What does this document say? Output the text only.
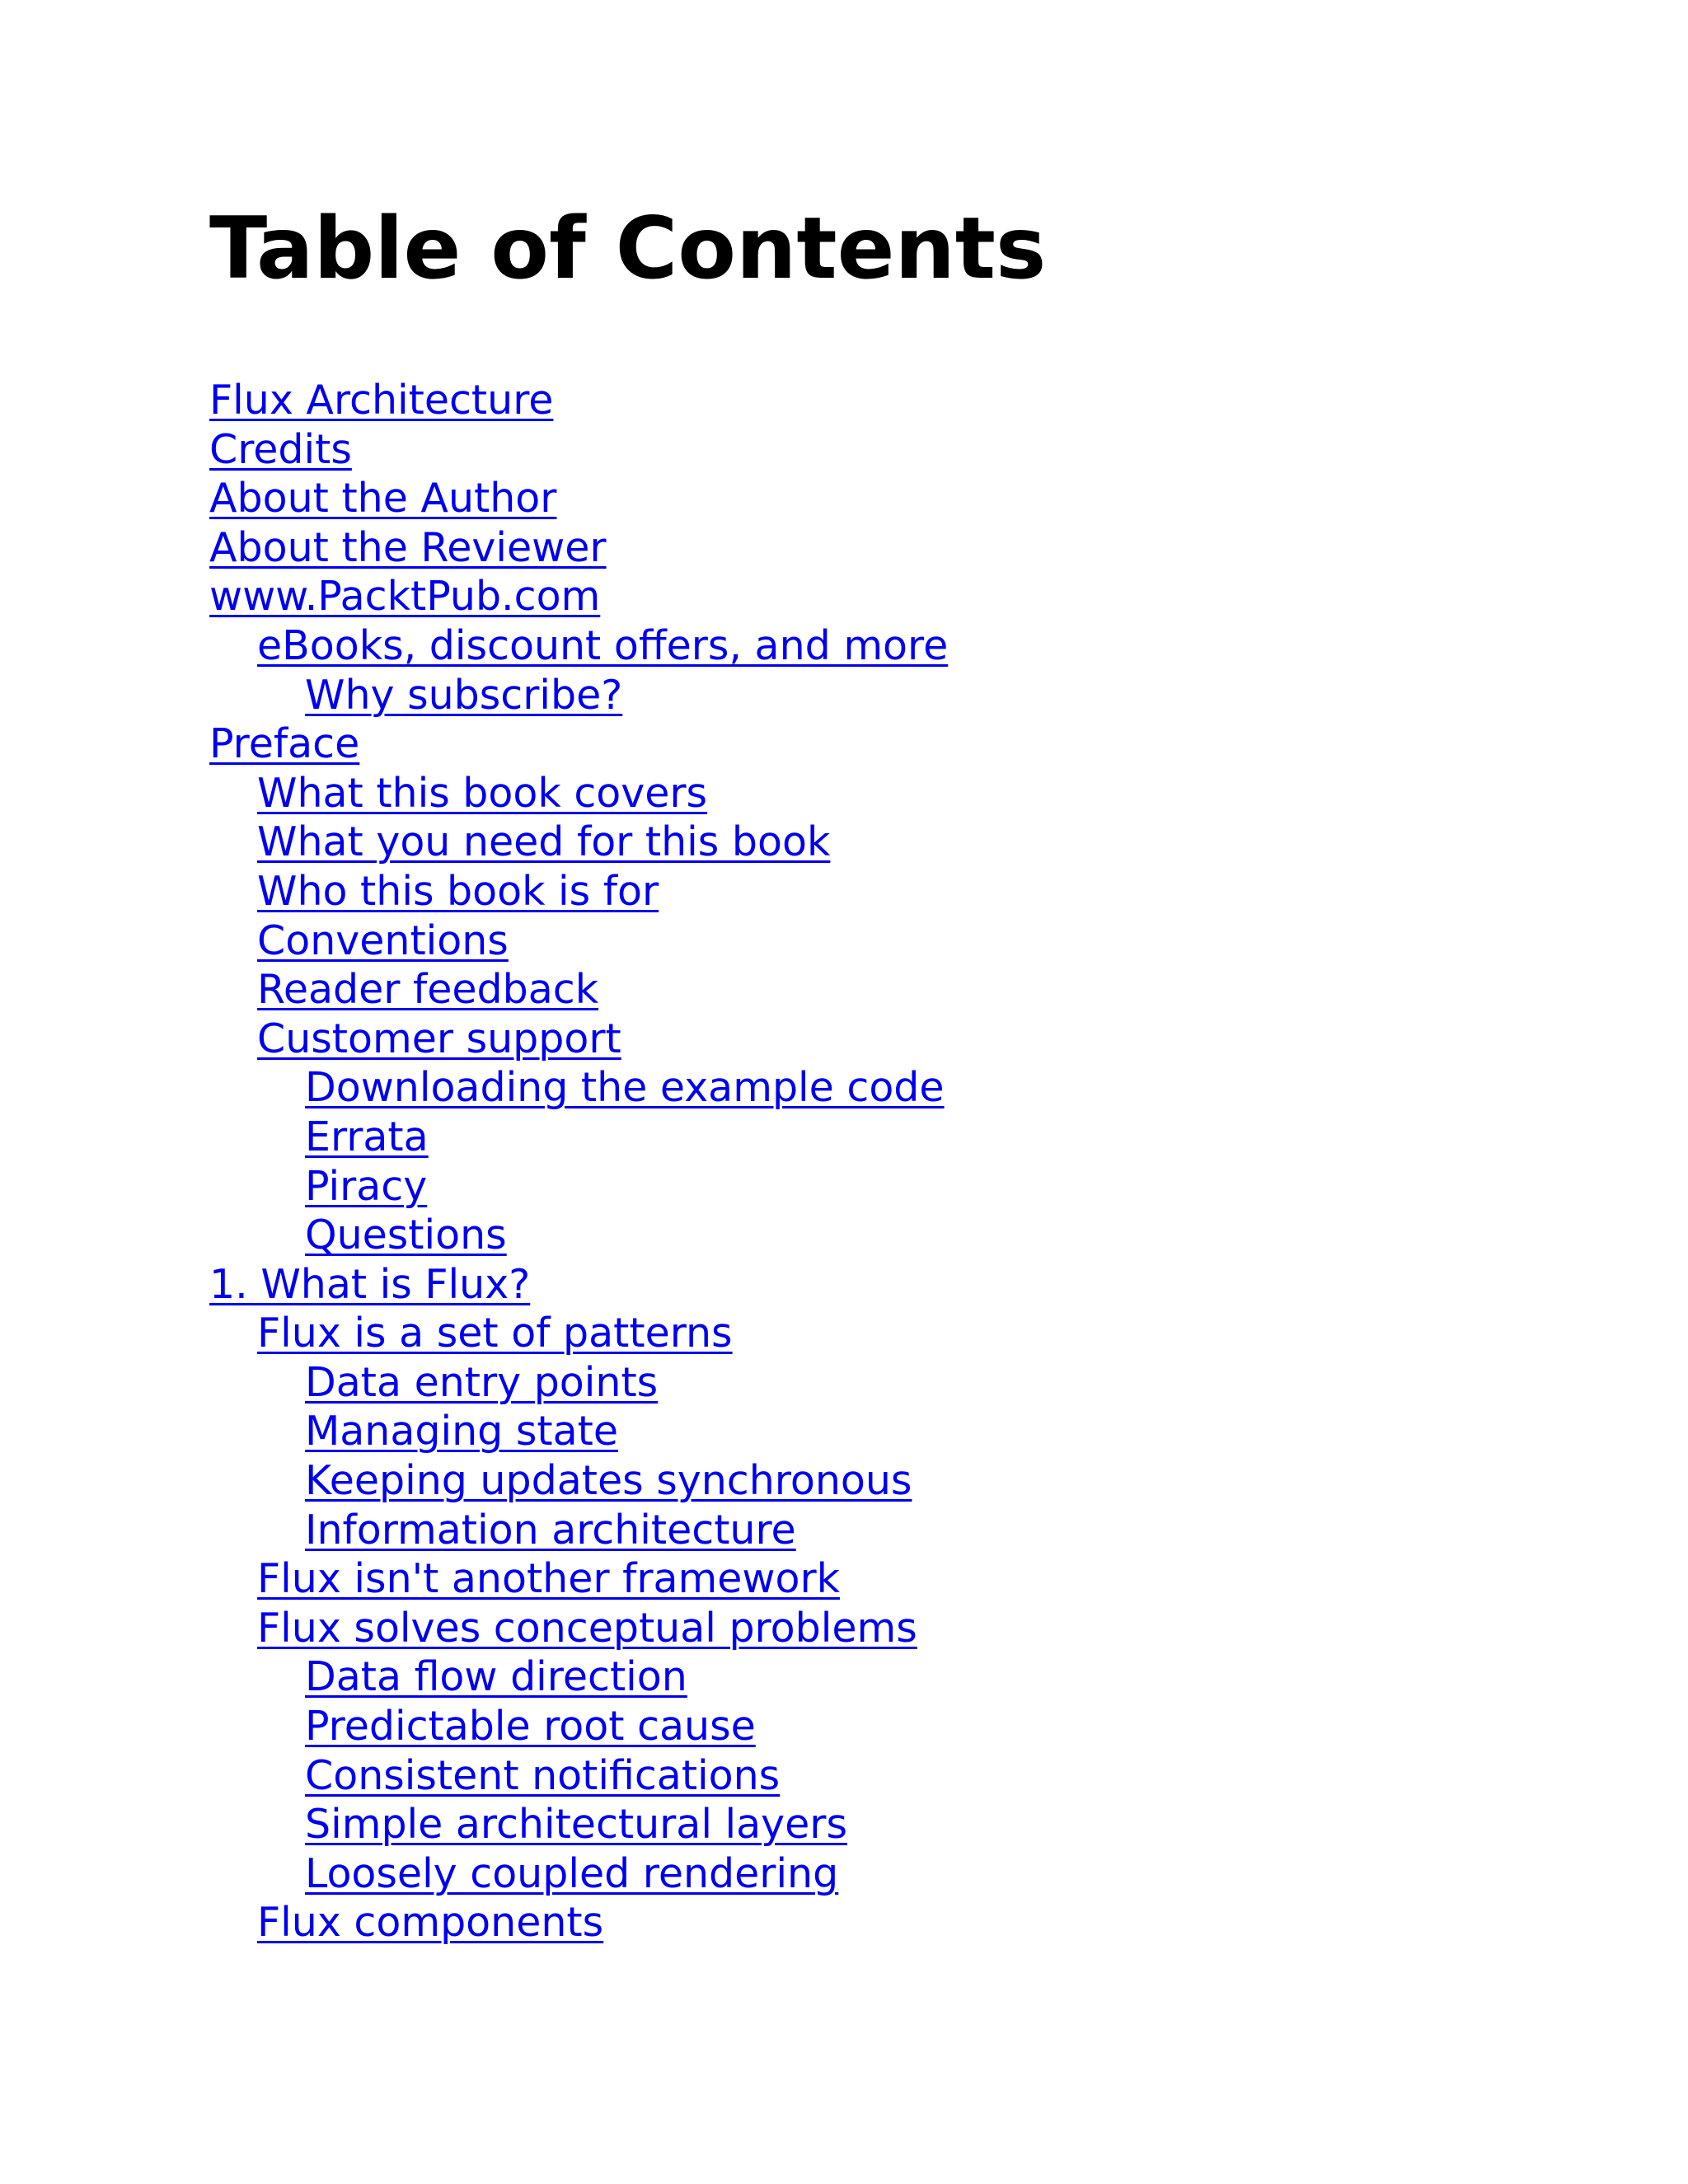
Table of Contents
Flux Architecture
Credits
About the Author
About the Reviewer
www.PacktPub.com
eBooks, discount offers, and more
Why subscribe?
Preface
What this book covers
What you need for this book
Who this book is for
Conventions
Reader feedback
Customer support
Downloading the example code
Errata
Piracy
Questions
1. What is Flux?
Flux is a set of patterns
Data entry points
Managing state
Keeping updates synchronous
Information architecture
Flux isn't another framework
Flux solves conceptual problems
Data flow direction
Predictable root cause
Consistent notifications
Simple architectural layers
Loosely coupled rendering
Flux components
